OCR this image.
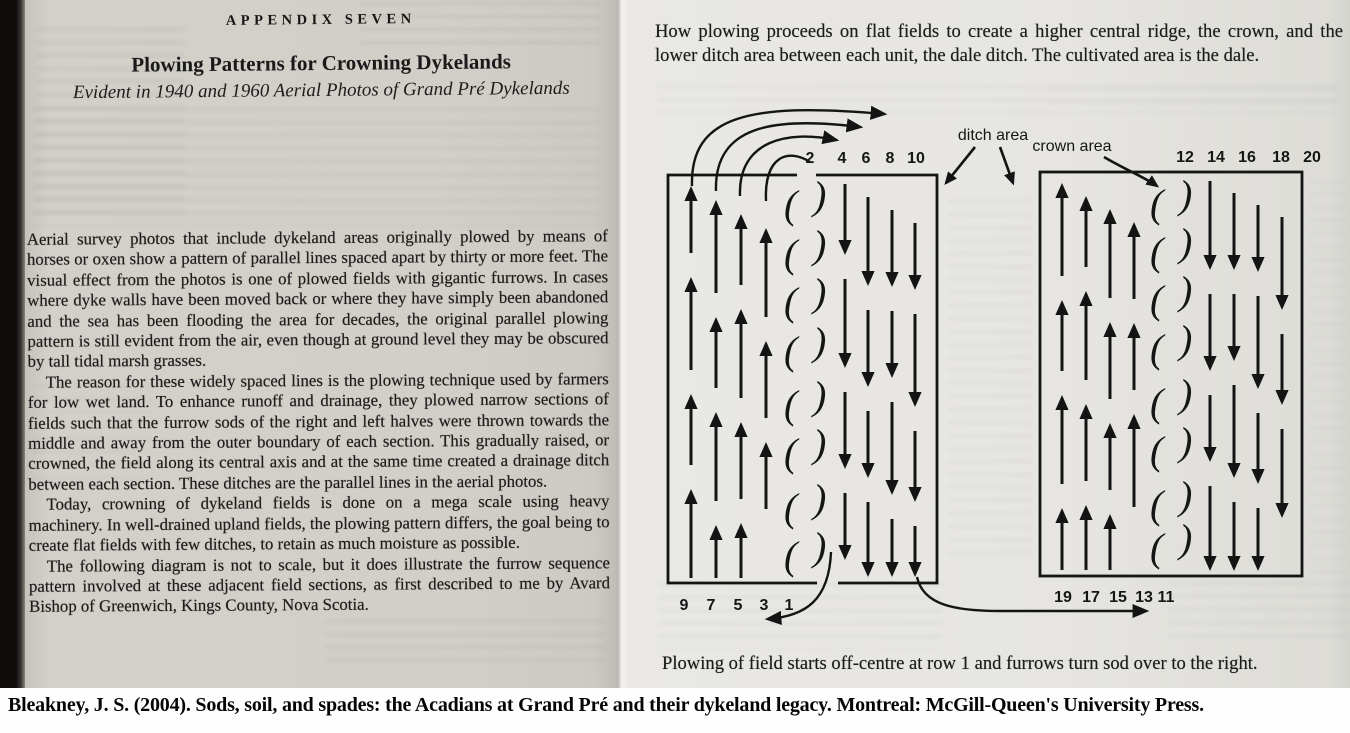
APPENDIX SEVEN
Plowing Patterns for Crowning Dykelands
Evident in 1940 and 1960 Aerial Photos of Grand Pré Dykelands

Aerial survey photos that include dykeland areas originally plowed by means of horses or oxen show a pattern of parallel lines spaced apart by thirty or more feet. The visual effect from the photos is one of plowed fields with gigantic furrows. In cases where dyke walls have been moved back or where they have simply been abandoned and the sea has been flooding the area for decades, the original parallel plowing pattern is still evident from the air, even though at ground level they may be obscured by tall tidal marsh grasses.

The reason for these widely spaced lines is the plowing technique used by farmers for low wet land. To enhance runoff and drainage, they plowed narrow sections of fields such that the furrow sods of the right and left halves were thrown towards the middle and away from the outer boundary of each section. This gradually raised, or crowned, the field along its central axis and at the same time created a drainage ditch between each section. These ditches are the parallel lines in the aerial photos.

Today, crowning of dykeland fields is done on a mega scale using heavy machinery. In well-drained upland fields, the plowing pattern differs, the goal being to create flat fields with few ditches, to retain as much moisture as possible.

The following diagram is not to scale, but it does illustrate the furrow sequence pattern involved at these adjacent field sections, as first described to me by Avard Bishop of Greenwich, Kings County, Nova Scotia.

How plowing proceeds on flat fields to create a higher central ridge, the crown, and the lower ditch area between each unit, the dale ditch. The cultivated area is the dale.

Plowing of field starts off-centre at row 1 and furrows turn sod over to the right.

( )
( )
( )
( )
( )
( )
( )
( )
( )
( )
( )
( )
( )
( )
( )
( )
2 4 6 8 10
9 7 5 3 1
12 14 16 18 20
19 17 15 13 11
ditch area
crown area
Bleakney, J. S. (2004). Sods, soil, and spades: the Acadians at Grand Pré and their dykeland legacy. Montreal: McGill-Queen's University Press.
